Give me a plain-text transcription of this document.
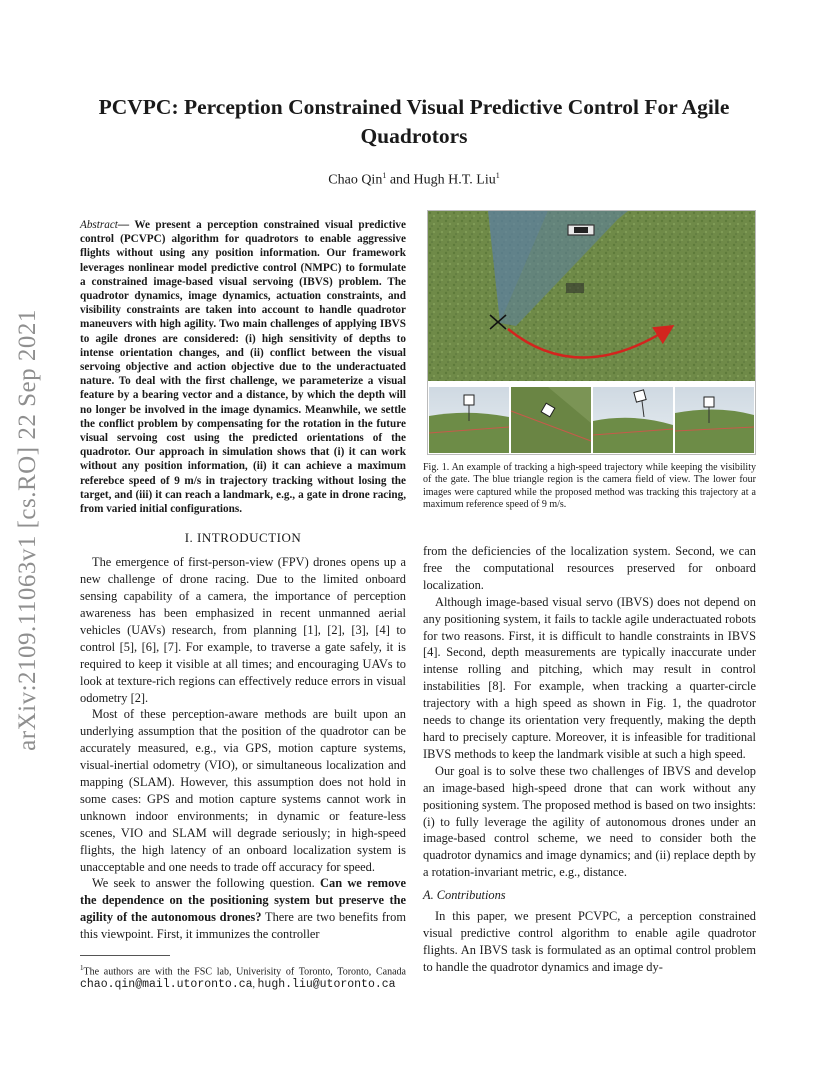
arXiv:2109.11063v1 [cs.RO] 22 Sep 2021
PCVPC: Perception Constrained Visual Predictive Control For Agile Quadrotors
Chao Qin$^1$ and Hugh H.T. Liu$^1$

Abstract— We present a perception constrained visual predictive control (PCVPC) algorithm for quadrotors to enable aggressive flights without using any position information. Our framework leverages nonlinear model predictive control (NMPC) to formulate a constrained image-based visual servoing (IBVS) problem. The quadrotor dynamics, image dynamics, actuation constraints, and visibility constraints are taken into account to handle quadrotor maneuvers with high agility. Two main challenges of applying IBVS to agile drones are considered: (i) high sensitivity of depths to intense orientation changes, and (ii) conflict between the visual servoing objective and action objective due to the underactuated nature. To deal with the first challenge, we parameterize a visual feature by a bearing vector and a distance, by which the depth will no longer be involved in the image dynamics. Meanwhile, we settle the conflict problem by compensating for the rotation in the future visual servoing cost using the predicted orientations of the quadrotor. Our approach in simulation shows that (i) it can work without any position information, (ii) it can achieve a maximum referebce speed of 9 m/s in trajectory tracking without losing the target, and (iii) it can reach a landmark, e.g., a gate in drone racing, from varied initial configurations.

I. INTRODUCTION

The emergence of first-person-view (FPV) drones opens up a new challenge of drone racing. Due to the limited onboard sensing capability of a camera, the importance of perception awareness has been emphasized in recent unmanned aerial vehicles (UAVs) research, from planning [1], [2], [3], [4] to control [5], [6], [7]. For example, to traverse a gate safely, it is required to keep it visible at all times; and encouraging UAVs to look at texture-rich regions can effectively reduce errors in visual odometry [2].

Most of these perception-aware methods are built upon an underlying assumption that the position of the quadrotor can be accurately measured, e.g., via GPS, motion capture systems, visual-inertial odometry (VIO), or simultaneous localization and mapping (SLAM). However, this assumption does not hold in some cases: GPS and motion capture systems cannot work in unknown indoor environments; in dynamic or feature-less scenes, VIO and SLAM will degrade seriously; in high-speed flights, the high latency of an onboard localization system is unacceptable and one needs to trade off accuracy for speed.

We seek to answer the following question. Can we remove the dependence on the positioning system but preserve the agility of the autonomous drones? There are two benefits from this viewpoint. First, it immunizes the controller

$^1$The authors are with the FSC lab, Univerisity of Toronto, Toronto, Canada chao.qin@mail.utoronto.ca, hugh.liu@utoronto.ca
Fig. 1. An example of tracking a high-speed trajectory while keeping the visibility of the gate. The blue triangle region is the camera field of view. The lower four images were captured while the proposed method was tracking this trajectory at a maximum reference speed of 9 m/s.

from the deficiencies of the localization system. Second, we can free the computational resources preserved for onboard localization.

Although image-based visual servo (IBVS) does not depend on any positioning system, it fails to tackle agile underactuated robots for two reasons. First, it is difficult to handle constraints in IBVS [4]. Second, depth measurements are typically inaccurate under intense rolling and pitching, which may result in control instabilities [8]. For example, when tracking a quarter-circle trajectory with a high speed as shown in Fig. 1, the quadrotor needs to change its orientation very frequently, making the depth hard to precisely capture. Moreover, it is infeasible for traditional IBVS methods to keep the landmark visible at such a high speed.

Our goal is to solve these two challenges of IBVS and develop an image-based high-speed drone that can work without any positioning system. The proposed method is based on two insights: (i) to fully leverage the agility of autonomous drones under an image-based control scheme, we need to consider both the quadrotor dynamics and image dynamics; and (ii) replace depth by a rotation-invariant metric, e.g., distance.

A. Contributions

In this paper, we present PCVPC, a perception constrained visual predictive control algorithm to enable agile quadrotor flights. An IBVS task is formulated as an optimal control problem to handle the quadrotor dynamics and image dy-
